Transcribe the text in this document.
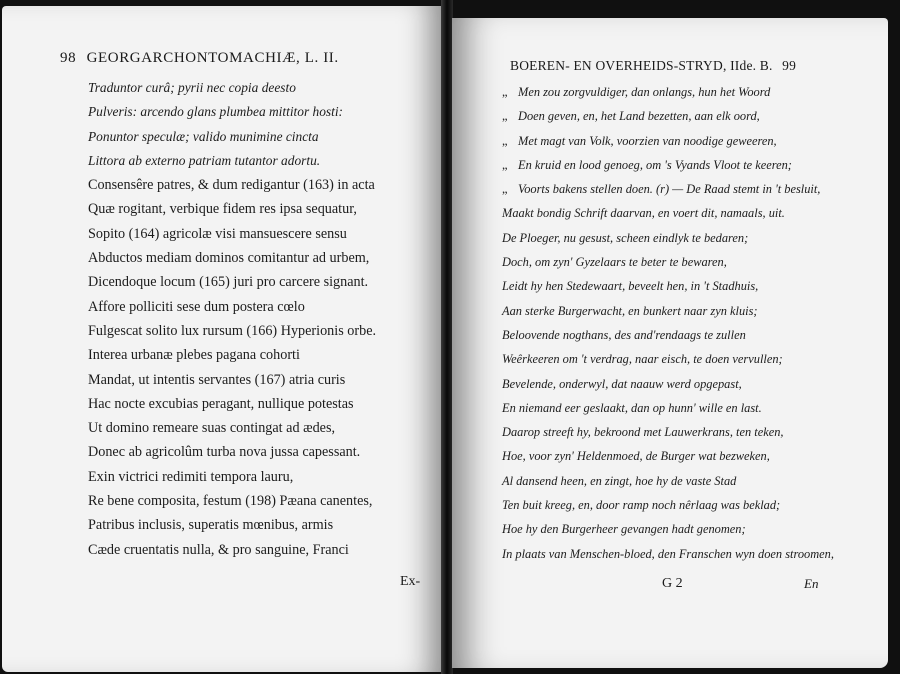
98 GEORGARCHONTOMACHIÆ, L. II.
Traduntor curâ; pyrii nec copia deesto
Pulveris: arcendo glans plumbea mittitor hosti:
Ponuntor speculæ; valido munimine cincta
Littora ab externo patriam tutantor adortu.
Consensêre patres, & dum redigantur (163) in acta
Quæ rogitant, verbique fidem res ipsa sequatur,
Sopito (164) agricolæ visi mansuescere sensu
Abductos mediam dominos comitantur ad urbem,
Dicendoque locum (165) juri pro carcere signant.
Affore polliciti sese dum postera cœlo
Fulgescat solito lux rursum (166) Hyperionis orbe.
Interea urbanæ plebes pagana cohorti
Mandat, ut intentis servantes (167) atria curis
Hac nocte excubias peragant, nullique potestas
Ut domino remeare suas contingat ad ædes,
Donec ab agricolûm turba nova jussa capessant.
Exin victrici redimiti tempora lauru,
Re bene composita, festum (198) Pæana canentes,
Patribus inclusis, superatis mœnibus, armis
Cæde cruentatis nulla, & pro sanguine, Franci
Ex-
BOEREN- EN OVERHEIDS-STRYD, IIde. B. 99
„ Men zou zorgvuldiger, dan onlangs, hun het Woord
„ Doen geven, en, het Land bezetten, aan elk oord,
„ Met magt van Volk, voorzien van noodige geweeren,
„ En kruid en lood genoeg, om 's Vyands Vloot te keeren;
„ Voorts bakens stellen doen. (r) — De Raad stemt in 't besluit,
Maakt bondig Schrift daarvan, en voert dit, namaals, uit.
De Ploeger, nu gesust, scheen eindlyk te bedaren;
Doch, om zyn' Gyzelaars te beter te bewaren,
Leidt hy hen Stedewaart, beveelt hen, in 't Stadhuis,
Aan sterke Burgerwacht, en bunkert naar zyn kluis;
Beloovende nogthans, des and'rendaags te zullen
Weêrkeeren om 't verdrag, naar eisch, te doen vervullen;
Bevelende, onderwyl, dat naauw werd opgepast,
En niemand eer geslaakt, dan op hunn' wille en last.
Daarop streeft hy, bekroond met Lauwerkrans, ten teken,
Hoe, voor zyn' Heldenmoed, de Burger wat bezweken,
Al dansend heen, en zingt, hoe hy de vaste Stad
Ten buit kreeg, en, door ramp noch nêrlaag was beklad;
Hoe hy den Burgerheer gevangen hadt genomen;
In plaats van Menschen-bloed, den Franschen wyn doen stroomen,
G 2	En
